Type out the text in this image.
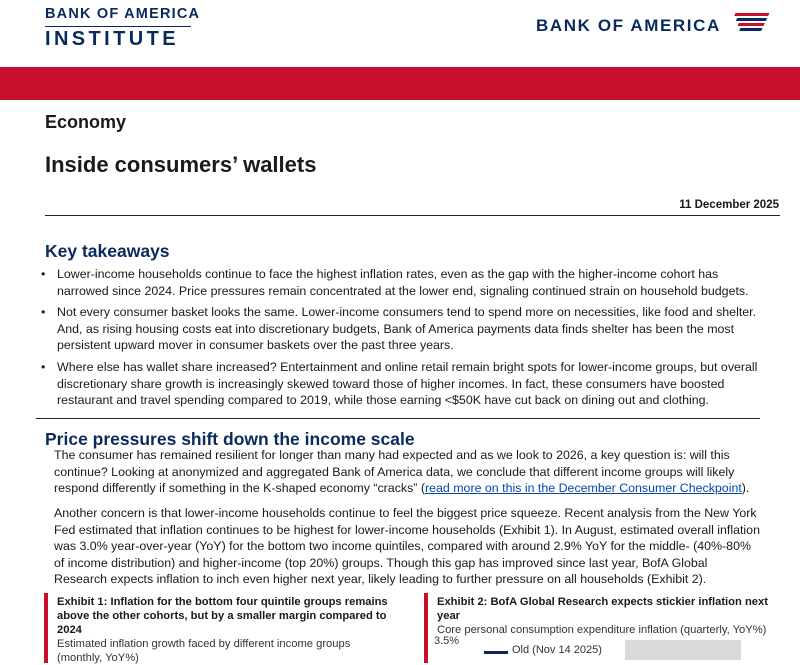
BANK OF AMERICA
INSTITUTE
BANK OF AMERICA
Economy
Inside consumers’ wallets
11 December 2025
Key takeaways
• Lower-income households continue to face the highest inflation rates, even as the gap with the higher-income cohort has narrowed since 2024. Price pressures remain concentrated at the lower end, signaling continued strain on household budgets.
• Not every consumer basket looks the same. Lower-income consumers tend to spend more on necessities, like food and shelter. And, as rising housing costs eat into discretionary budgets, Bank of America payments data finds shelter has been the most persistent upward mover in consumer baskets over the past three years.
• Where else has wallet share increased? Entertainment and online retail remain bright spots for lower-income groups, but overall discretionary share growth is increasingly skewed toward those of higher incomes. In fact, these consumers have boosted restaurant and travel spending compared to 2019, while those earning <$50K have cut back on dining out and clothing.
Price pressures shift down the income scale

The consumer has remained resilient for longer than many had expected and as we look to 2026, a key question is: will this continue? Looking at anonymized and aggregated Bank of America data, we conclude that different income groups will likely respond differently if something in the K-shaped economy “cracks” (read more on this in the December Consumer Checkpoint).

Another concern is that lower-income households continue to feel the biggest price squeeze. Recent analysis from the New York Fed estimated that inflation continues to be highest for lower-income households (Exhibit 1). In August, estimated overall inflation was 3.0% year-over-year (YoY) for the bottom two income quintiles, compared with around 2.9% YoY for the middle- (40%-80% of income distribution) and higher-income (top 20%) groups. Though this gap has improved since last year, BofA Global Research expects inflation to inch even higher next year, likely leading to further pressure on all households (Exhibit 2).

Exhibit 1: Inflation for the bottom four quintile groups remains above the other cohorts, but by a smaller margin compared to 2024
Estimated inflation growth faced by different income groups (monthly, YoY%)
Exhibit 2: BofA Global Research expects stickier inflation next year
Core personal consumption expenditure inflation (quarterly, YoY%)
3.5%
Old (Nov 14 2025)
